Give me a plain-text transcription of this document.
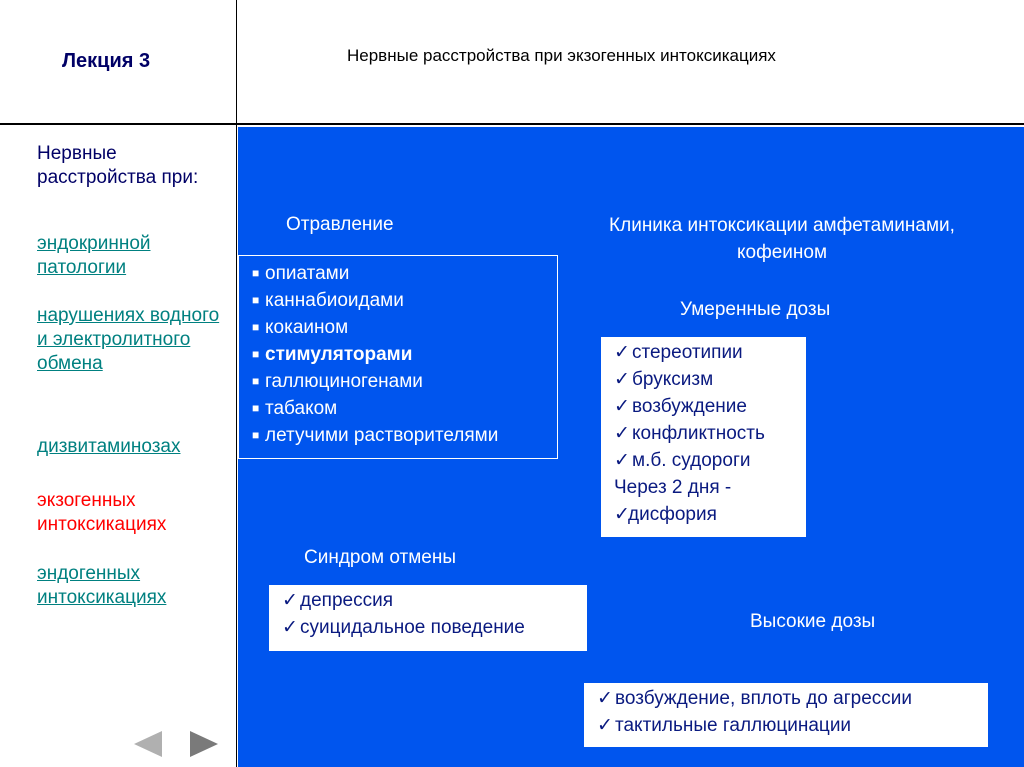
Лекция 3	Нервные расстройства при экзогенных интоксикациях
Нервные расстройства при:
эндокринной патологии
нарушениях водного и электролитного обмена
дизвитаминозах
экзогенных интоксикациях
эндогенных интоксикациях
Отравление
■ опиатами
■ каннабиоидами
■ кокаином
■ стимуляторами
■ галлюциногенами
■ табаком
■ летучими растворителями
Клиника интоксикации амфетаминами,
кофеином
Умеренные дозы
✓ стереотипии
✓ бруксизм
✓ возбуждение
✓ конфликтность
✓ м.б. судороги
Через 2 дня -
✓дисфория
Синдром отмены
✓ депрессия
✓ суицидальное поведение	Высокие дозы
✓ возбуждение, вплоть до агрессии
✓ тактильные галлюцинации
